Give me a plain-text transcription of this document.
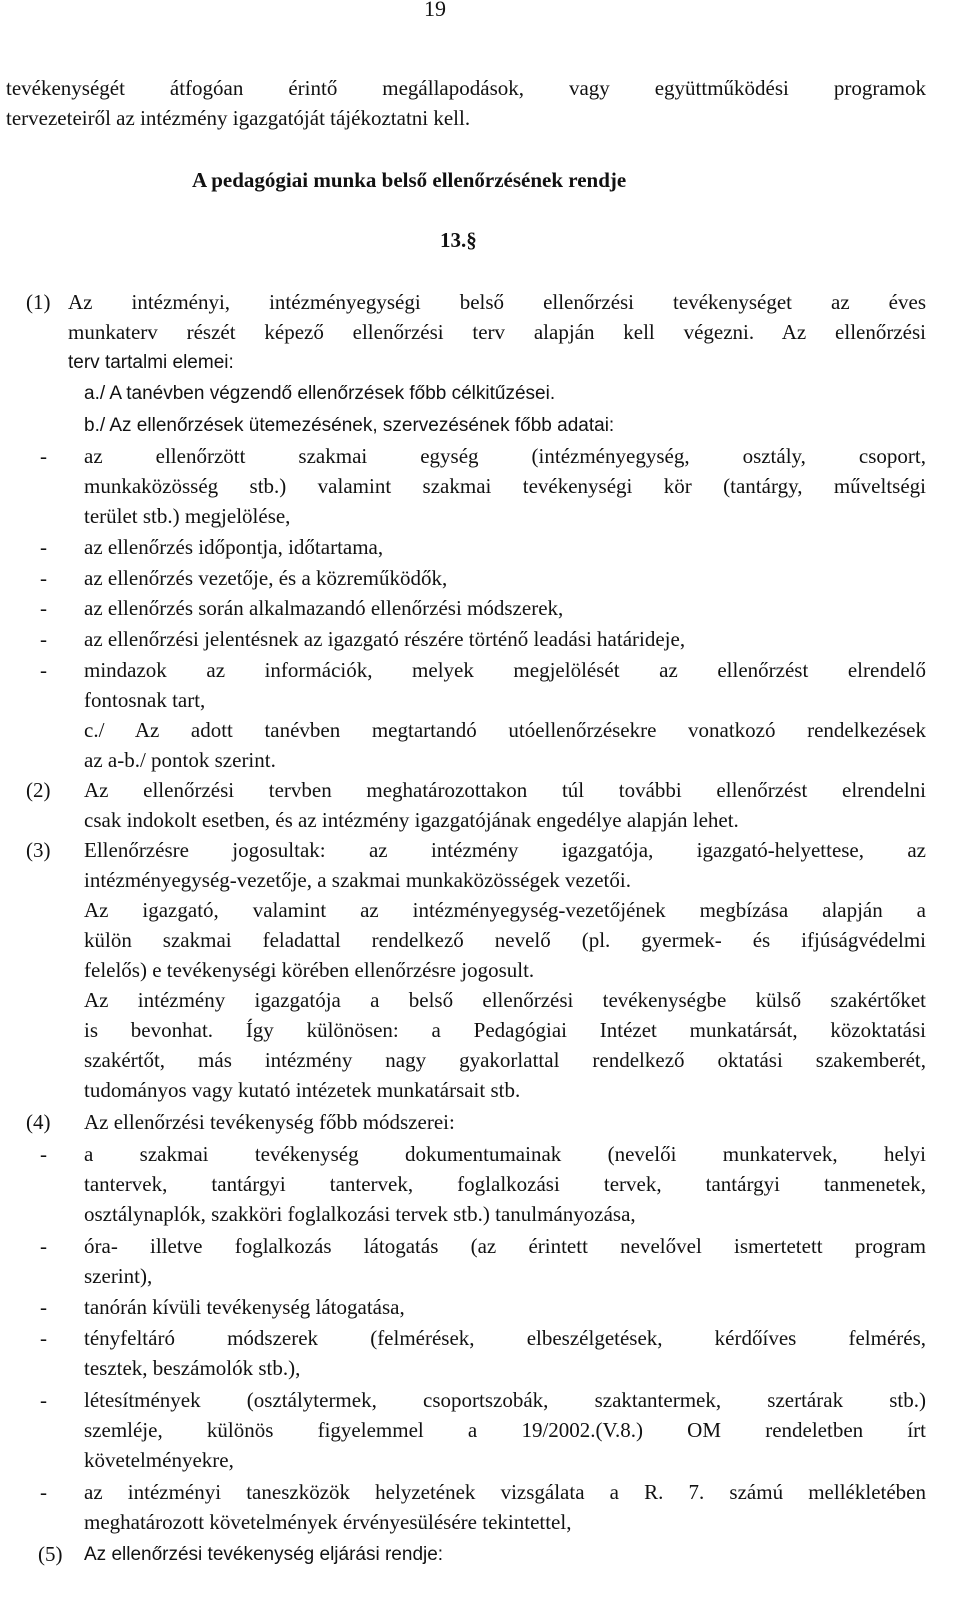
19
tevékenységét átfogóan érintő megállapodások, vagy együttműködési programok
tervezeteiről az intézmény igazgatóját tájékoztatni kell.
A pedagógiai munka belső ellenőrzésének rendje
13.§
(1) Az intézményi, intézményegységi belső ellenőrzési tevékenységet az éves
munkaterv részét képező ellenőrzési terv alapján kell végezni. Az ellenőrzési
terv tartalmi elemei:
a./ A tanévben végzendő ellenőrzések főbb célkitűzései.
b./ Az ellenőrzések ütemezésének, szervezésének főbb adatai:
- az ellenőrzött szakmai egység (intézményegység, osztály, csoport,
munkaközösség stb.) valamint szakmai tevékenységi kör (tantárgy, műveltségi
terület stb.) megjelölése,
- az ellenőrzés időpontja, időtartama,
- az ellenőrzés vezetője, és a közreműködők,
- az ellenőrzés során alkalmazandó ellenőrzési módszerek,
- az ellenőrzési jelentésnek az igazgató részére történő leadási határideje,
- mindazok az információk, melyek megjelölését az ellenőrzést elrendelő
fontosnak tart,
c./ Az adott tanévben megtartandó utóellenőrzésekre vonatkozó rendelkezések
az a-b./ pontok szerint.
(2) Az ellenőrzési tervben meghatározottakon túl további ellenőrzést elrendelni
csak indokolt esetben, és az intézmény igazgatójának engedélye alapján lehet.
(3) Ellenőrzésre jogosultak: az intézmény igazgatója, igazgató-helyettese, az
intézményegység-vezetője, a szakmai munkaközösségek vezetői.
Az igazgató, valamint az intézményegység-vezetőjének megbízása alapján a
külön szakmai feladattal rendelkező nevelő (pl. gyermek- és ifjúságvédelmi
felelős) e tevékenységi körében ellenőrzésre jogosult.
Az intézmény igazgatója a belső ellenőrzési tevékenységbe külső szakértőket
is bevonhat. Így különösen: a Pedagógiai Intézet munkatársát, közoktatási
szakértőt, más intézmény nagy gyakorlattal rendelkező oktatási szakemberét,
tudományos vagy kutató intézetek munkatársait stb.
(4) Az ellenőrzési tevékenység főbb módszerei:
- a szakmai tevékenység dokumentumainak (nevelői munkatervek, helyi
tantervek, tantárgyi tantervek, foglalkozási tervek, tantárgyi tanmenetek,
osztálynaplók, szakköri foglalkozási tervek stb.) tanulmányozása,
- óra- illetve foglalkozás látogatás (az érintett nevelővel ismertetett program
szerint),
- tanórán kívüli tevékenység látogatása,
- tényfeltáró módszerek (felmérések, elbeszélgetések, kérdőíves felmérés,
tesztek, beszámolók stb.),
- létesítmények (osztálytermek, csoportszobák, szaktantermek, szertárak stb.)
szemléje, különös figyelemmel a 19/2002.(V.8.) OM rendeletben írt
követelményekre,
- az intézményi taneszközök helyzetének vizsgálata a R. 7. számú mellékletében
meghatározott követelmények érvényesülésére tekintettel,
(5) Az ellenőrzési tevékenység eljárási rendje:
